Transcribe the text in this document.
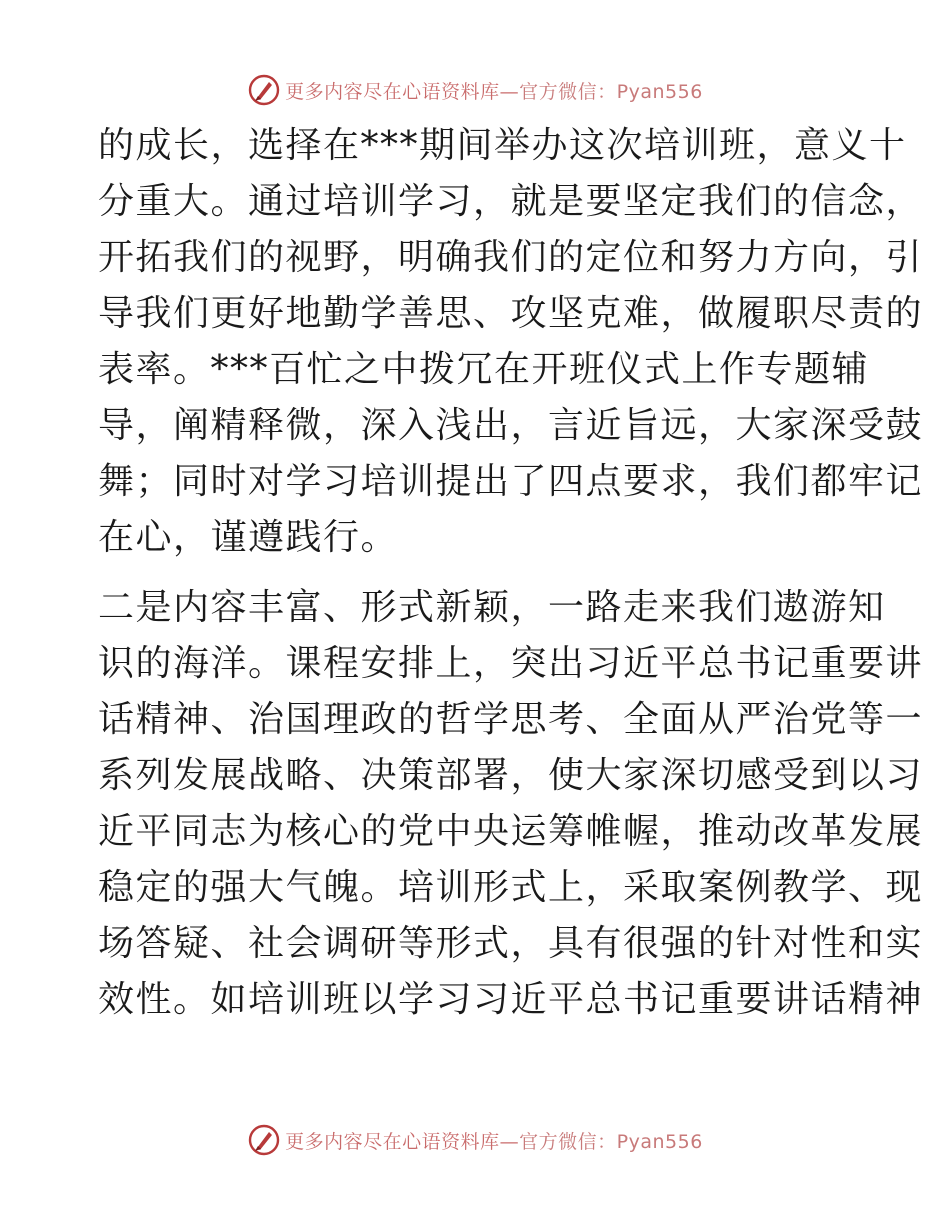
更多内容尽在心语资料库—官方微信：Pyan556
的成长，选择在***期间举办这次培训班，意义十
分重大。通过培训学习，就是要坚定我们的信念，
开拓我们的视野，明确我们的定位和努力方向，引
导我们更好地勤学善思、攻坚克难，做履职尽责的
表率。***百忙之中拨冗在开班仪式上作专题辅
导，阐精释微，深入浅出，言近旨远，大家深受鼓
舞；同时对学习培训提出了四点要求，我们都牢记
在心，谨遵践行。
二是内容丰富、形式新颖，一路走来我们遨游知
识的海洋。课程安排上，突出习近平总书记重要讲
话精神、治国理政的哲学思考、全面从严治党等一
系列发展战略、决策部署，使大家深切感受到以习
近平同志为核心的党中央运筹帷幄，推动改革发展
稳定的强大气魄。培训形式上，采取案例教学、现
场答疑、社会调研等形式，具有很强的针对性和实
效性。如培训班以学习习近平总书记重要讲话精神
更多内容尽在心语资料库—官方微信：Pyan556
